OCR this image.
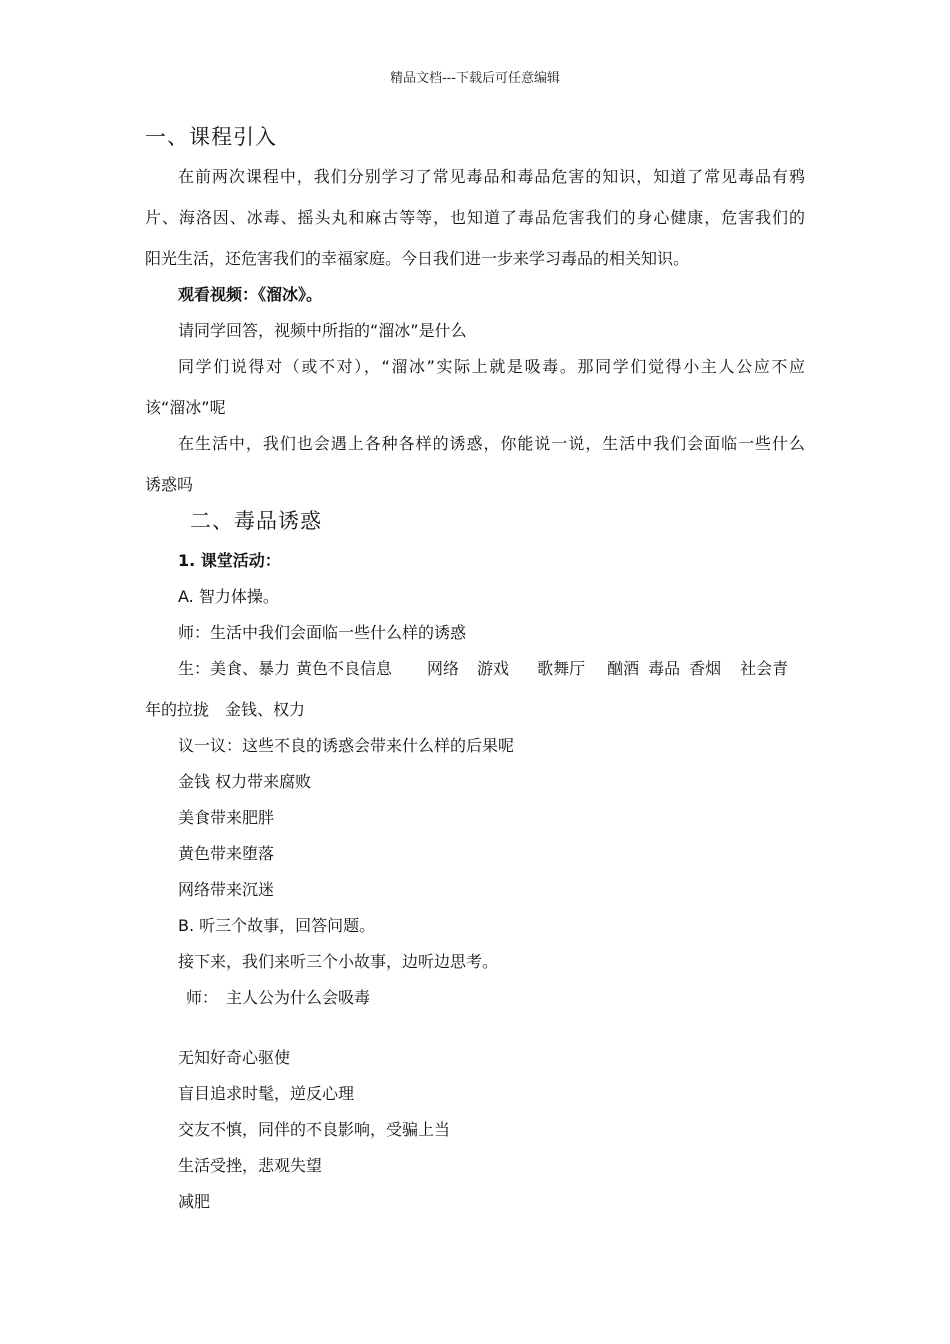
精品文档---下载后可任意编辑
一、课程引入
在前两次课程中，我们分别学习了常见毒品和毒品危害的知识，知道了常见毒品有鸦
片、海洛因、冰毒、摇头丸和麻古等等，也知道了毒品危害我们的身心健康，危害我们的
阳光生活，还危害我们的幸福家庭。今日我们进一步来学习毒品的相关知识。
观看视频：《溜冰》。
请同学回答，视频中所指的“溜冰”是什么
同学们说得对（或不对），“溜冰”实际上就是吸毒。那同学们觉得小主人公应不应
该“溜冰”呢
在生活中，我们也会遇上各种各样的诱惑，你能说一说，生活中我们会面临一些什么
诱惑吗
二、毒品诱惑
1. 课堂活动：
A. 智力体操。
师：生活中我们会面临一些什么样的诱惑
生：美食、暴力 黄色不良信息 网络 游戏 歌舞厅 酗酒 毒品 香烟 社会青
年的拉拢　金钱、权力
议一议：这些不良的诱惑会带来什么样的后果呢
金钱 权力带来腐败
美食带来肥胖
黄色带来堕落
网络带来沉迷
B. 听三个故事，回答问题。
接下来，我们来听三个小故事，边听边思考。
师：　主人公为什么会吸毒
无知好奇心驱使
盲目追求时髦，逆反心理
交友不慎，同伴的不良影响，受骗上当
生活受挫，悲观失望
减肥
